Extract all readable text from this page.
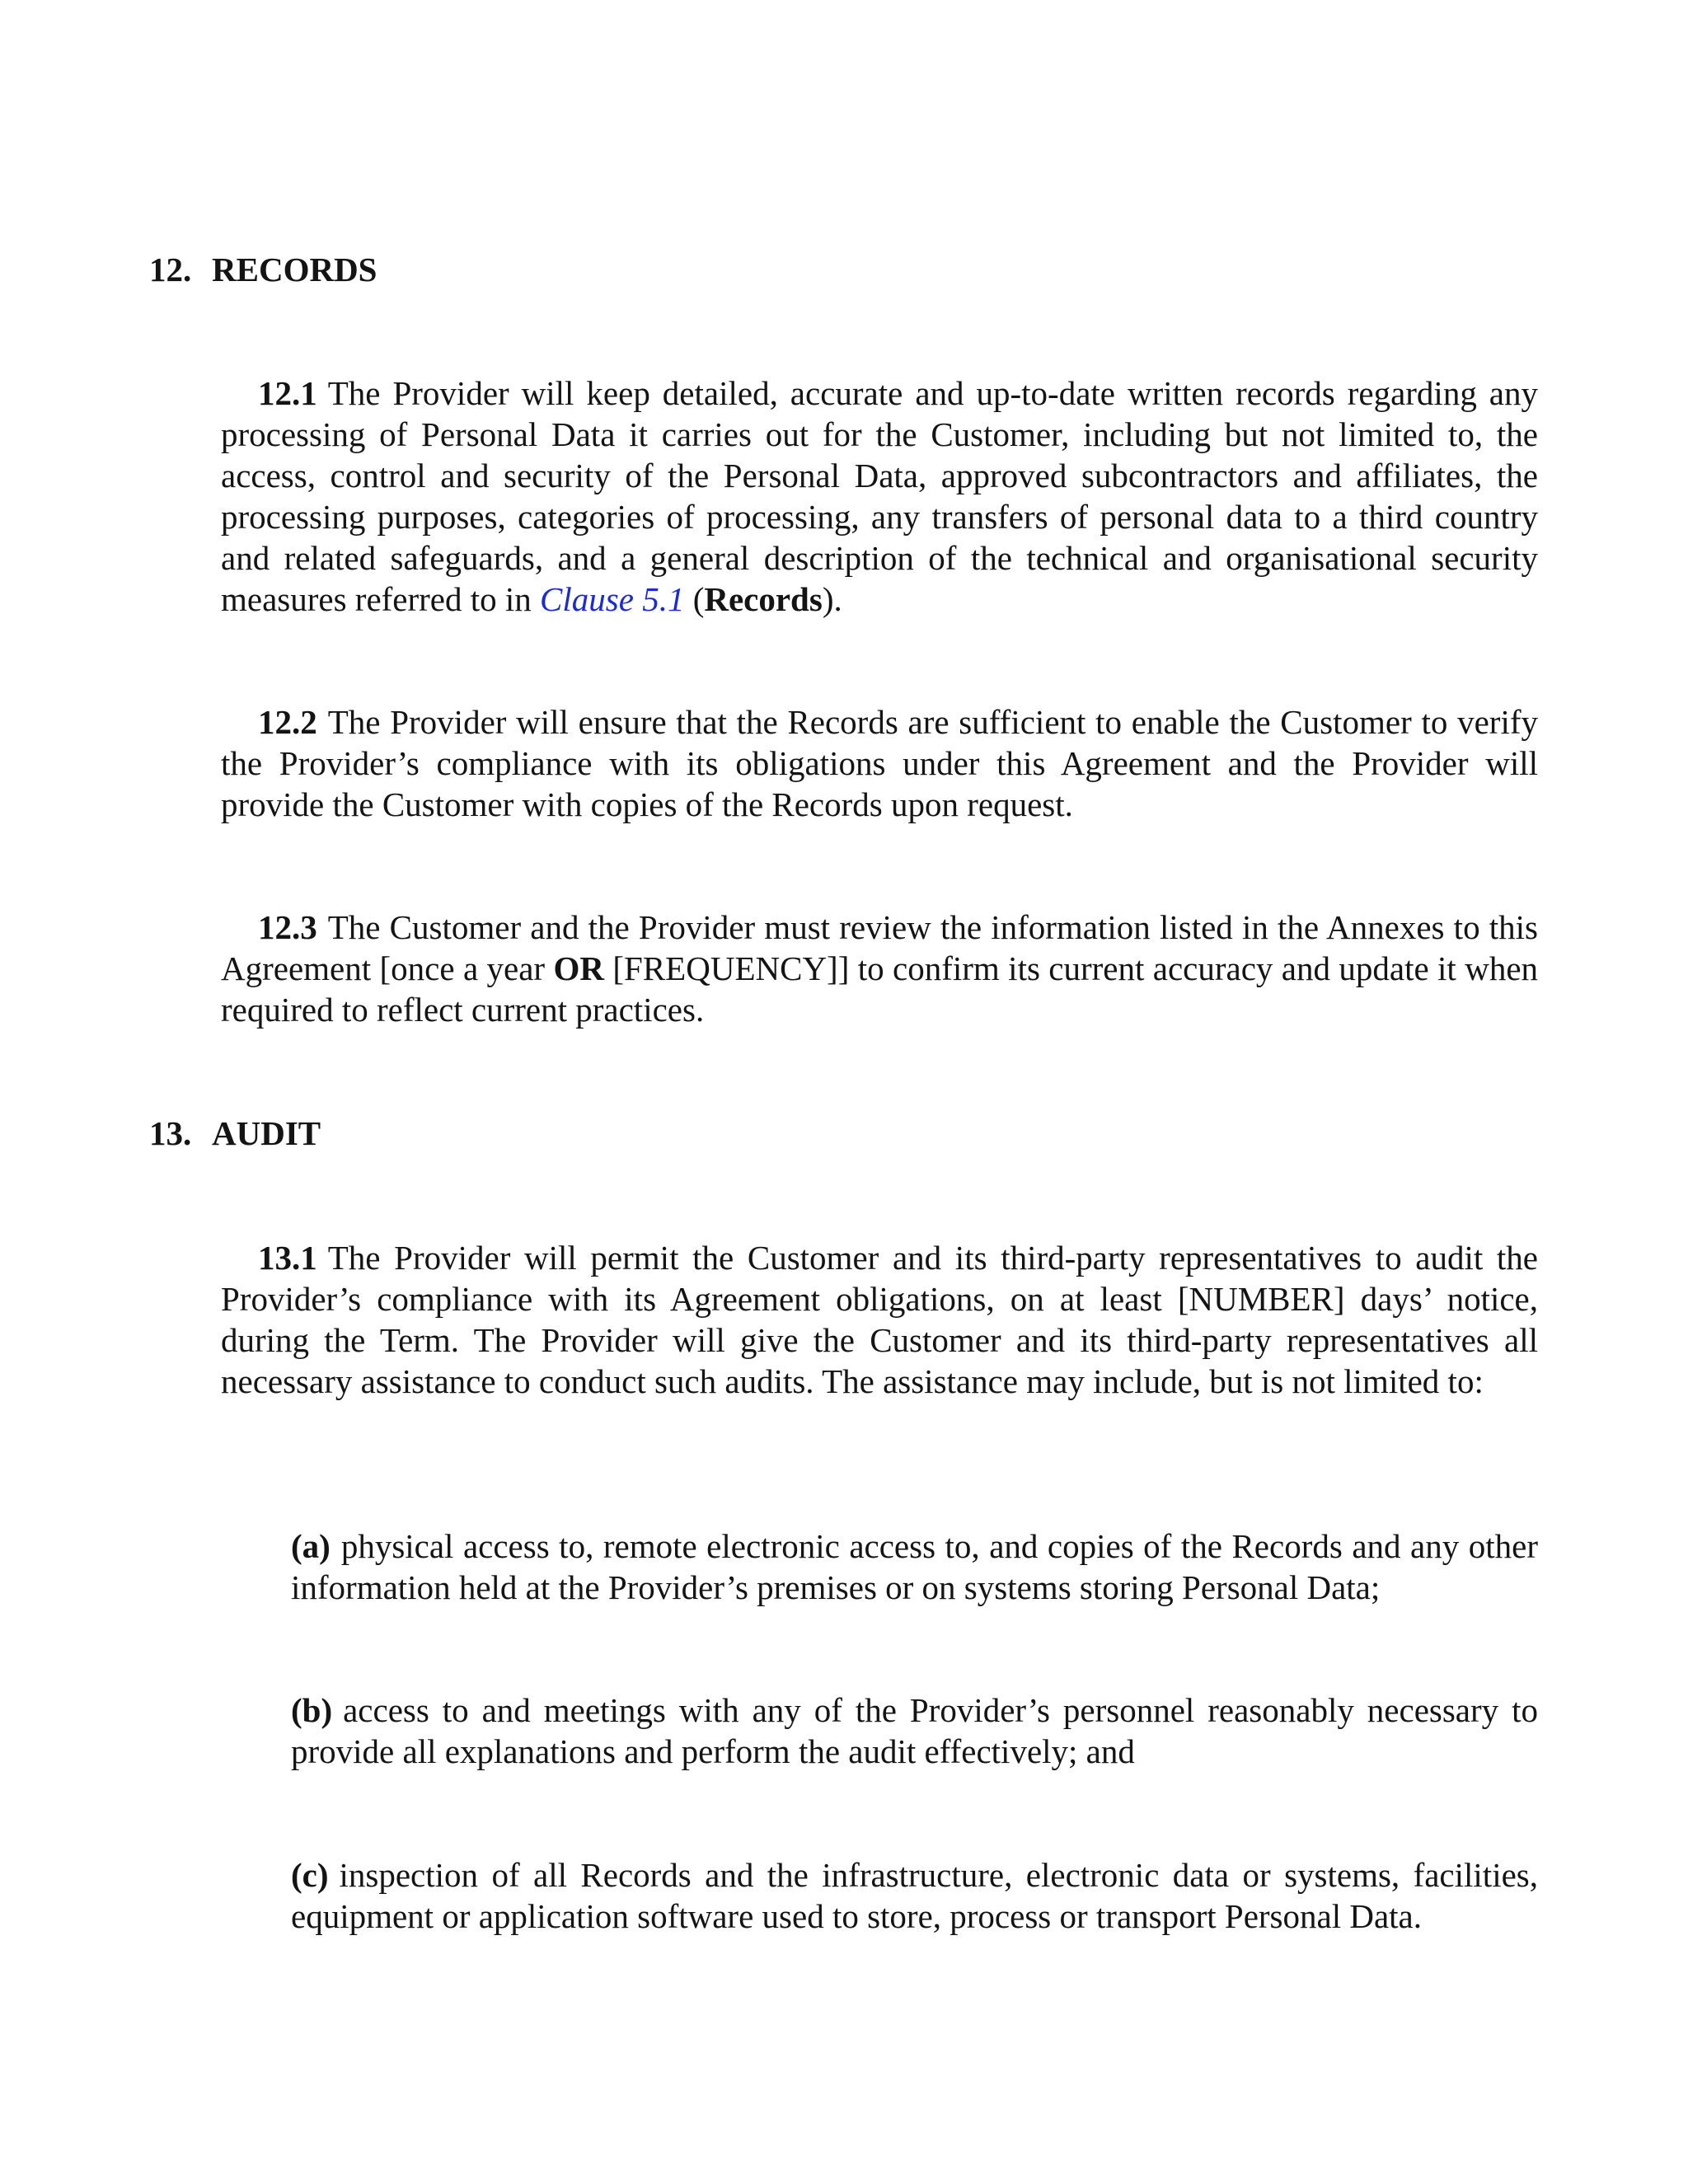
12. RECORDS

12.1 The Provider will keep detailed, accurate and up-to-date written records regarding any processing of Personal Data it carries out for the Customer, including but not limited to, the access, control and security of the Personal Data, approved subcontractors and affiliates, the processing purposes, categories of processing, any transfers of personal data to a third country and related safeguards, and a general description of the technical and organisational security measures referred to in Clause 5.1 (Records).

12.2 The Provider will ensure that the Records are sufficient to enable the Customer to verify the Provider’s compliance with its obligations under this Agreement and the Provider will provide the Customer with copies of the Records upon request.

12.3 The Customer and the Provider must review the information listed in the Annexes to this Agreement [once a year OR [FREQUENCY]] to confirm its current accuracy and update it when required to reflect current practices.

13. AUDIT

13.1 The Provider will permit the Customer and its third-party representatives to audit the Provider’s compliance with its Agreement obligations, on at least [NUMBER] days’ notice, during the Term. The Provider will give the Customer and its third-party representatives all necessary assistance to conduct such audits. The assistance may include, but is not limited to:

(a) physical access to, remote electronic access to, and copies of the Records and any other information held at the Provider’s premises or on systems storing Personal Data;

(b) access to and meetings with any of the Provider’s personnel reasonably necessary to provide all explanations and perform the audit effectively; and

(c) inspection of all Records and the infrastructure, electronic data or systems, facilities, equipment or application software used to store, process or transport Personal Data.
